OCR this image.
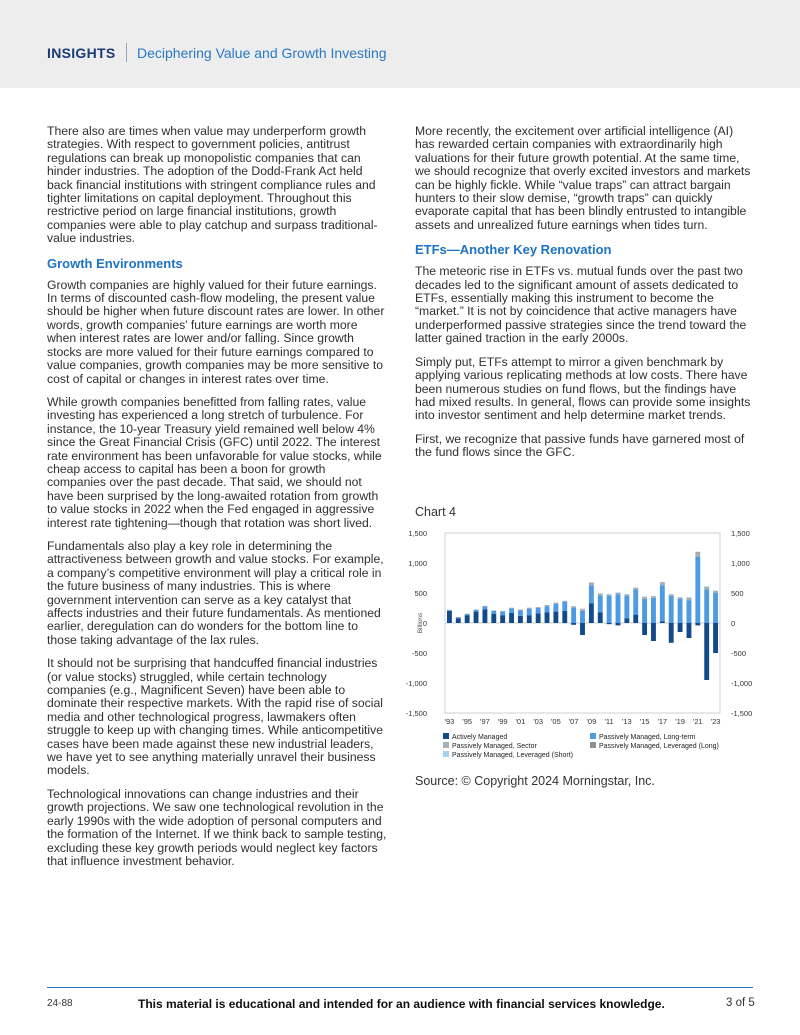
INSIGHTS Deciphering Value and Growth Investing

There also are times when value may underperform growth strategies. With respect to government policies, antitrust regulations can break up monopolistic companies that can hinder industries. The adoption of the Dodd-Frank Act held back financial institutions with stringent compliance rules and tighter limitations on capital deployment. Throughout this restrictive period on large financial institutions, growth companies were able to play catchup and surpass traditional-value industries.

Growth Environments

Growth companies are highly valued for their future earnings. In terms of discounted cash-flow modeling, the present value should be higher when future discount rates are lower. In other words, growth companies’ future earnings are worth more when interest rates are lower and/or falling. Since growth stocks are more valued for their future earnings compared to value companies, growth companies may be more sensitive to cost of capital or changes in interest rates over time.

While growth companies benefitted from falling rates, value investing has experienced a long stretch of turbulence. For instance, the 10-year Treasury yield remained well below 4% since the Great Financial Crisis (GFC) until 2022. The interest rate environment has been unfavorable for value stocks, while cheap access to capital has been a boon for growth companies over the past decade. That said, we should not have been surprised by the long-awaited rotation from growth to value stocks in 2022 when the Fed engaged in aggressive interest rate tightening—though that rotation was short lived.

Fundamentals also play a key role in determining the attractiveness between growth and value stocks. For example, a company’s competitive environment will play a critical role in the future business of many industries. This is where government intervention can serve as a key catalyst that affects industries and their future fundamentals. As mentioned earlier, deregulation can do wonders for the bottom line to those taking advantage of the lax rules.

It should not be surprising that handcuffed financial industries (or value stocks) struggled, while certain technology companies (e.g., Magnificent Seven) have been able to dominate their respective markets. With the rapid rise of social media and other technological progress, lawmakers often struggle to keep up with changing times. While anticompetitive cases have been made against these new industrial leaders, we have yet to see anything materially unravel their business models.

Technological innovations can change industries and their growth projections. We saw one technological revolution in the early 1990s with the wide adoption of personal computers and the formation of the Internet. If we think back to sample testing, excluding these key growth periods would neglect key factors that influence investment behavior.

More recently, the excitement over artificial intelligence (AI) has rewarded certain companies with extraordinarily high valuations for their future growth potential. At the same time, we should recognize that overly excited investors and markets can be highly fickle. While “value traps” can attract bargain hunters to their slow demise, “growth traps” can quickly evaporate capital that has been blindly entrusted to intangible assets and unrealized future earnings when tides turn.

ETFs—Another Key Renovation

The meteoric rise in ETFs vs. mutual funds over the past two decades led to the significant amount of assets dedicated to ETFs, essentially making this instrument to become the “market.” It is not by coincidence that active managers have underperformed passive strategies since the trend toward the latter gained traction in the early 2000s.

Simply put, ETFs attempt to mirror a given benchmark by applying various replicating methods at low costs. There have been numerous studies on fund flows, but the findings have had mixed results. In general, flows can provide some insights into investor sentiment and help determine market trends.

First, we recognize that passive funds have garnered most of the fund flows since the GFC.

Chart 4
1,500	1,500
1,000	1,000
500	500
0	0
-500	-500
-1,000	-1,000
-1,500	-1,500
Billions
'93 '95 '97 '99 '01 '03 '05 '07 '09 '11 '13 '15 '17 '19 '21 '23
Actively Managed	Passively Managed, Long-term
Passively Managed, Sector	Passively Managed, Leveraged (Long)
Passively Managed, Leveraged (Short)
Source: © Copyright 2024 Morningstar, Inc.
24-88	This material is educational and intended for an audience with financial services knowledge.	3 of 5
